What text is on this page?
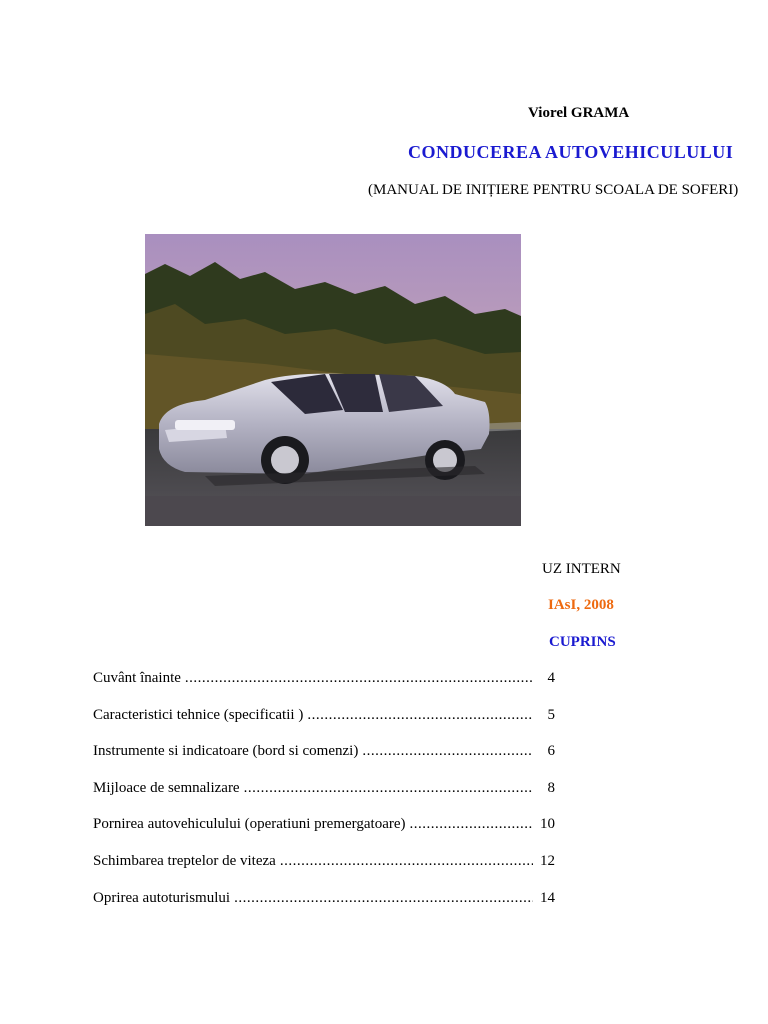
Viorel GRAMA
CONDUCEREA AUTOVEHICULULUI
(MANUAL DE INIȚIERE PENTRU SCOALA DE SOFERI)
UZ INTERN
IAsI, 2008
CUPRINS
Cuvânt înainte .....	4
Caracteristici tehnice (specificatii ) .....	5
Instrumente si indicatoare (bord si comenzi) .....	6
Mijloace de semnalizare .....	8
Pornirea autovehiculului (operatiuni premergatoare) .....	10
Schimbarea treptelor de viteza .....	12
Oprirea autoturismului .....	14
